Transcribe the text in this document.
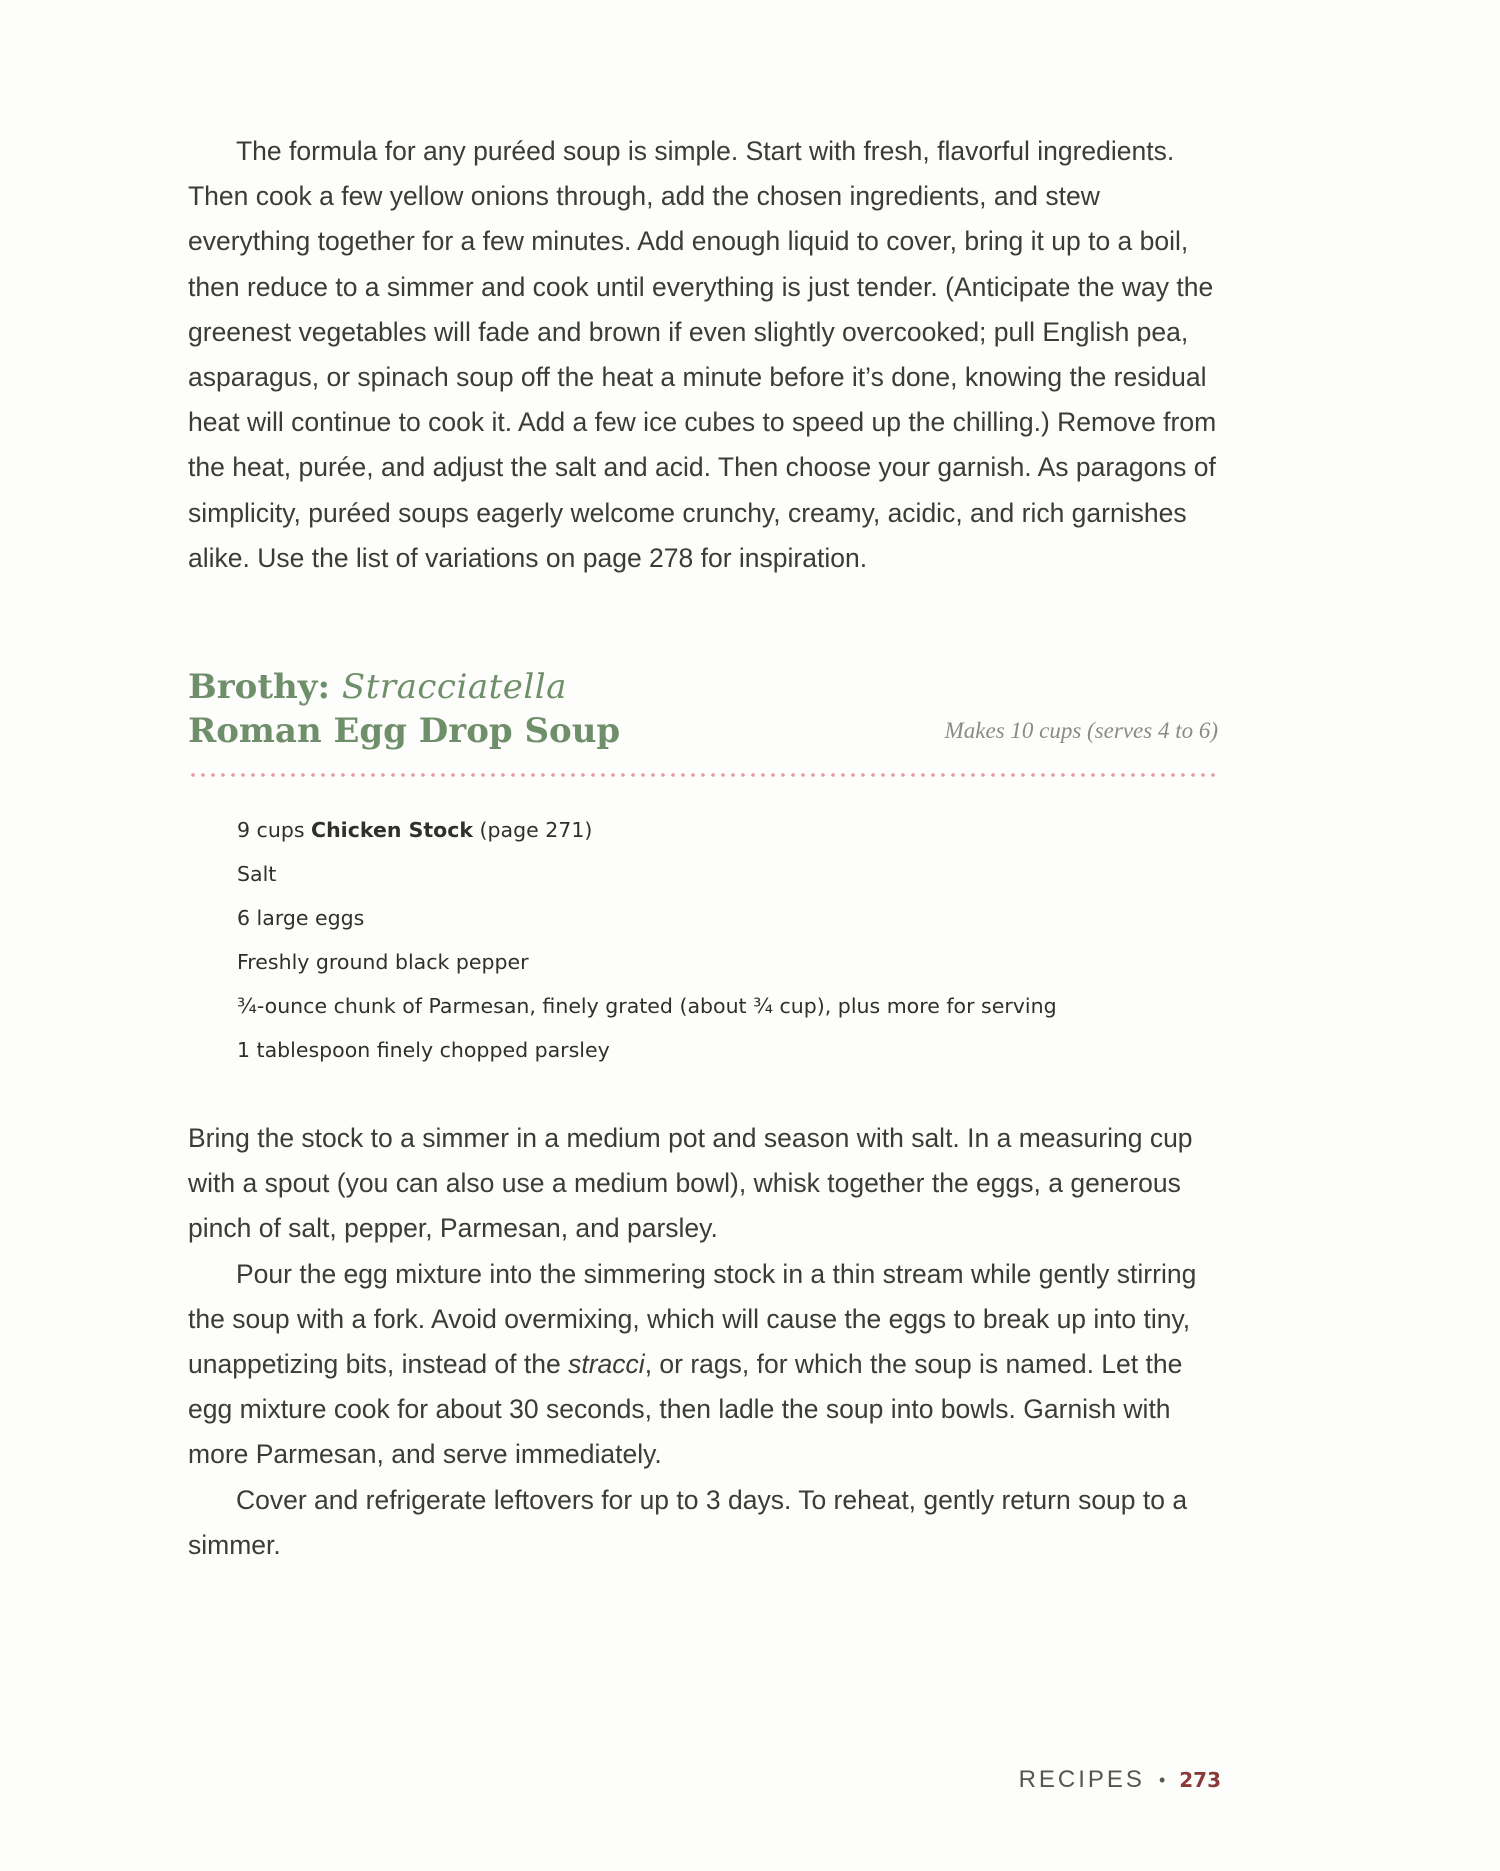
The formula for any puréed soup is simple. Start with fresh, flavorful ingredients. Then cook a few yellow onions through, add the chosen ingredients, and stew everything together for a few minutes. Add enough liquid to cover, bring it up to a boil, then reduce to a simmer and cook until everything is just tender. (Anticipate the way the greenest vegetables will fade and brown if even slightly overcooked; pull English pea, asparagus, or spinach soup off the heat a minute before it’s done, knowing the residual heat will continue to cook it. Add a few ice cubes to speed up the chilling.) Remove from the heat, purée, and adjust the salt and acid. Then choose your garnish. As paragons of simplicity, puréed soups eagerly welcome crunchy, creamy, acidic, and rich garnishes alike. Use the list of variations on page 278 for inspiration.

Brothy: Stracciatella
Roman Egg Drop Soup	Makes 10 cups (serves 4 to 6)
9 cups Chicken Stock (page 271)
Salt
6 large eggs
Freshly ground black pepper
¾-ounce chunk of Parmesan, finely grated (about ¾ cup), plus more for serving
1 tablespoon finely chopped parsley

Bring the stock to a simmer in a medium pot and season with salt. In a measuring cup with a spout (you can also use a medium bowl), whisk together the eggs, a generous pinch of salt, pepper, Parmesan, and parsley.

Pour the egg mixture into the simmering stock in a thin stream while gently stirring the soup with a fork. Avoid overmixing, which will cause the eggs to break up into tiny, unappetizing bits, instead of the stracci, or rags, for which the soup is named. Let the egg mixture cook for about 30 seconds, then ladle the soup into bowls. Garnish with more Parmesan, and serve immediately.

Cover and refrigerate leftovers for up to 3 days. To reheat, gently return soup to a simmer.

RECIPES • 273
